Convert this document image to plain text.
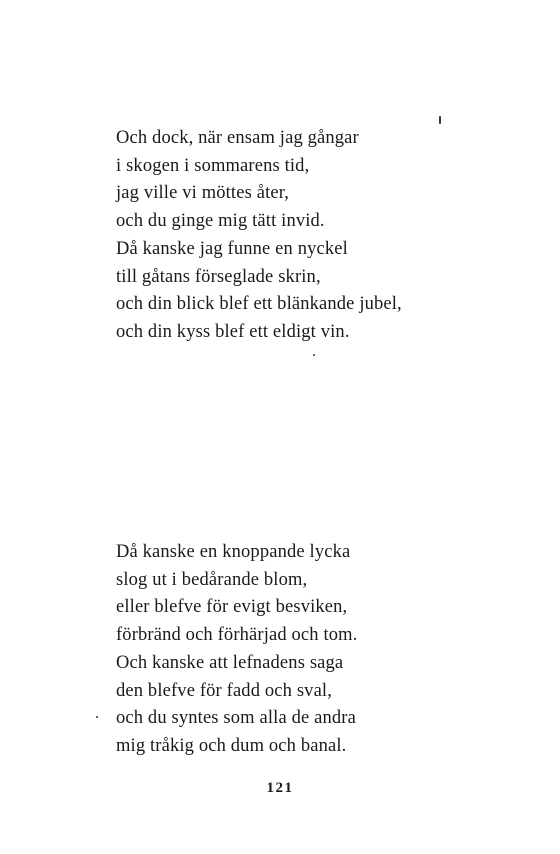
Och dock, när ensam jag gångar
i skogen i sommarens tid,
jag ville vi möttes åter,
och du ginge mig tätt invid.
Då kanske jag funne en nyckel
till gåtans förseglade skrin,
och din blick blef ett blänkande jubel,
och din kyss blef ett eldigt vin.
Då kanske en knoppande lycka
slog ut i bedårande blom,
eller blefve för evigt besviken,
förbränd och förhärjad och tom.
Och kanske att lefnadens saga
den blefve för fadd och sval,
och du syntes som alla de andra
mig tråkig och dum och banal.
121
